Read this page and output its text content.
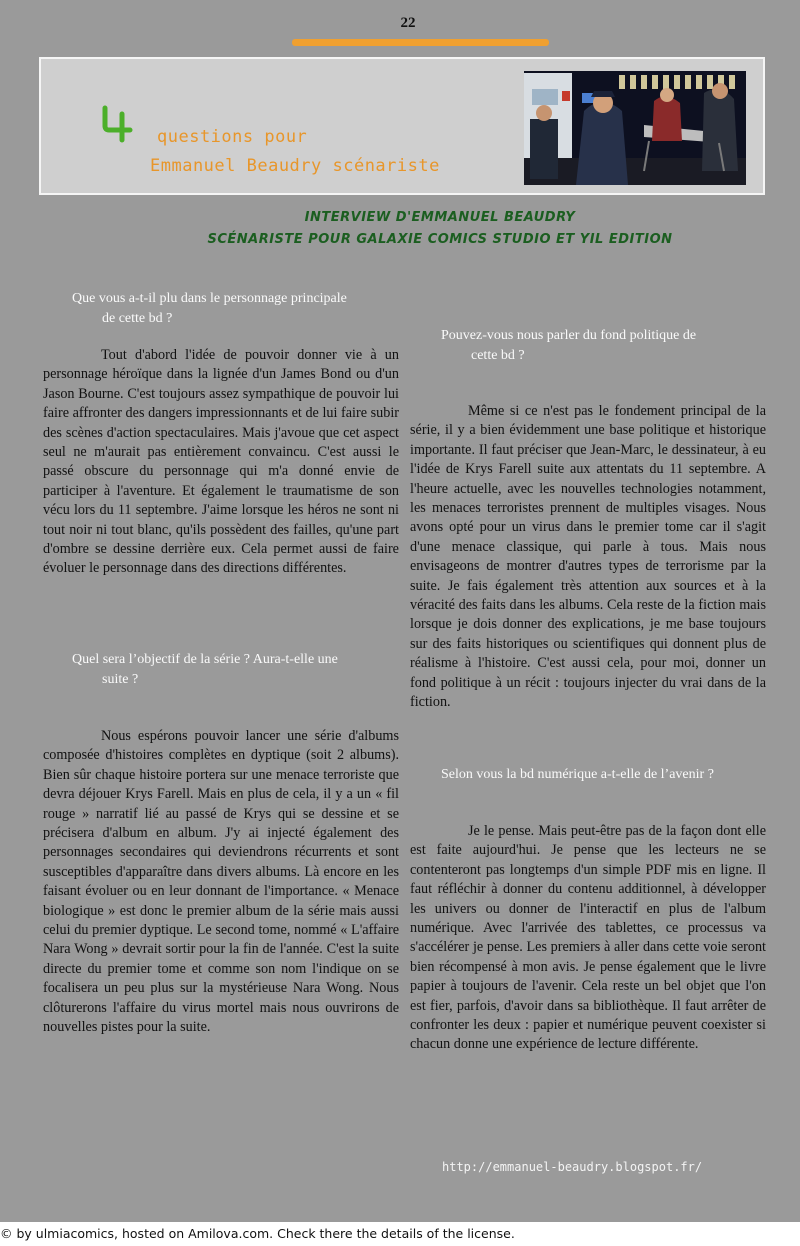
22
questions pour
Emmanuel Beaudry scénariste
INTERVIEW D'EMMANUEL BEAUDRY
SCÉNARISTE POUR GALAXIE COMICS STUDIO ET YIL EDITION
Que vous a-t-il plu dans le personnage principale
de cette bd ?

Tout d'abord l'idée de pouvoir donner vie à un personnage héroïque dans la lignée d'un James Bond ou d'un Jason Bourne. C'est toujours assez sympathique de pouvoir lui faire affronter des dangers impressionnants et de lui faire subir des scènes d'action spectaculaires. Mais j'avoue que cet aspect seul ne m'aurait pas entièrement convaincu. C'est aussi le passé obscure du personnage qui m'a donné envie de participer à l'aventure. Et également le traumatisme de son vécu lors du 11 septembre. J'aime lorsque les héros ne sont ni tout noir ni tout blanc, qu'ils possèdent des failles, qu'une part d'ombre se dessine derrière eux. Cela permet aussi de faire évoluer le personnage dans des directions différentes.

Quel sera l’objectif de la série ? Aura-t-elle une
suite ?

Nous espérons pouvoir lancer une série d'albums composée d'histoires complètes en dyptique (soit 2 albums). Bien sûr chaque histoire portera sur une menace terroriste que devra déjouer Krys Farell. Mais en plus de cela, il y a un « fil rouge » narratif lié au passé de Krys qui se dessine et se précisera d'album en album. J'y ai injecté également des personnages secondaires qui deviendrons récurrents et sont susceptibles d'apparaître dans divers albums. Là encore en les faisant évoluer ou en leur donnant de l'importance. « Menace biologique » est donc le premier album de la série mais aussi celui du premier dyptique. Le second tome, nommé « L'affaire Nara Wong » devrait sortir pour la fin de l'année. C'est la suite directe du premier tome et comme son nom l'indique on se focalisera un peu plus sur la mystérieuse Nara Wong. Nous clôturerons l'affaire du virus mortel mais nous ouvrirons de nouvelles pistes pour la suite.

Pouvez-vous nous parler du fond politique de
cette bd ?

Même si ce n'est pas le fondement principal de la série, il y a bien évidemment une base politique et historique importante. Il faut préciser que Jean-Marc, le dessinateur, à eu l'idée de Krys Farell suite aux attentats du 11 septembre. A l'heure actuelle, avec les nouvelles technologies notamment, les menaces terroristes prennent de multiples visages. Nous avons opté pour un virus dans le premier tome car il s'agit d'une menace classique, qui parle à tous. Mais nous envisageons de montrer d'autres types de terrorisme par la suite. Je fais également très attention aux sources et à la véracité des faits dans les albums. Cela reste de la fiction mais lorsque je dois donner des explications, je me base toujours sur des faits historiques ou scientifiques qui donnent plus de réalisme à l'histoire. C'est aussi cela, pour moi, donner un fond politique à un récit : toujours injecter du vrai dans de la fiction.

Selon vous la bd numérique a-t-elle de l’avenir ?

Je le pense. Mais peut-être pas de la façon dont elle est faite aujourd'hui. Je pense que les lecteurs ne se contenteront pas longtemps d'un simple PDF mis en ligne. Il faut réfléchir à donner du contenu additionnel, à développer les univers ou donner de l'interactif en plus de l'album numérique. Avec l'arrivée des tablettes, ce processus va s'accélérer je pense. Les premiers à aller dans cette voie seront bien récompensé à mon avis. Je pense également que le livre papier à toujours de l'avenir. Cela reste un bel objet que l'on est fier, parfois, d'avoir dans sa bibliothèque. Il faut arrêter de confronter les deux : papier et numérique peuvent coexister si chacun donne une expérience de lecture différente.

http://emmanuel-beaudry.blogspot.fr/
© by ulmiacomics, hosted on Amilova.com. Check there the details of the license.
